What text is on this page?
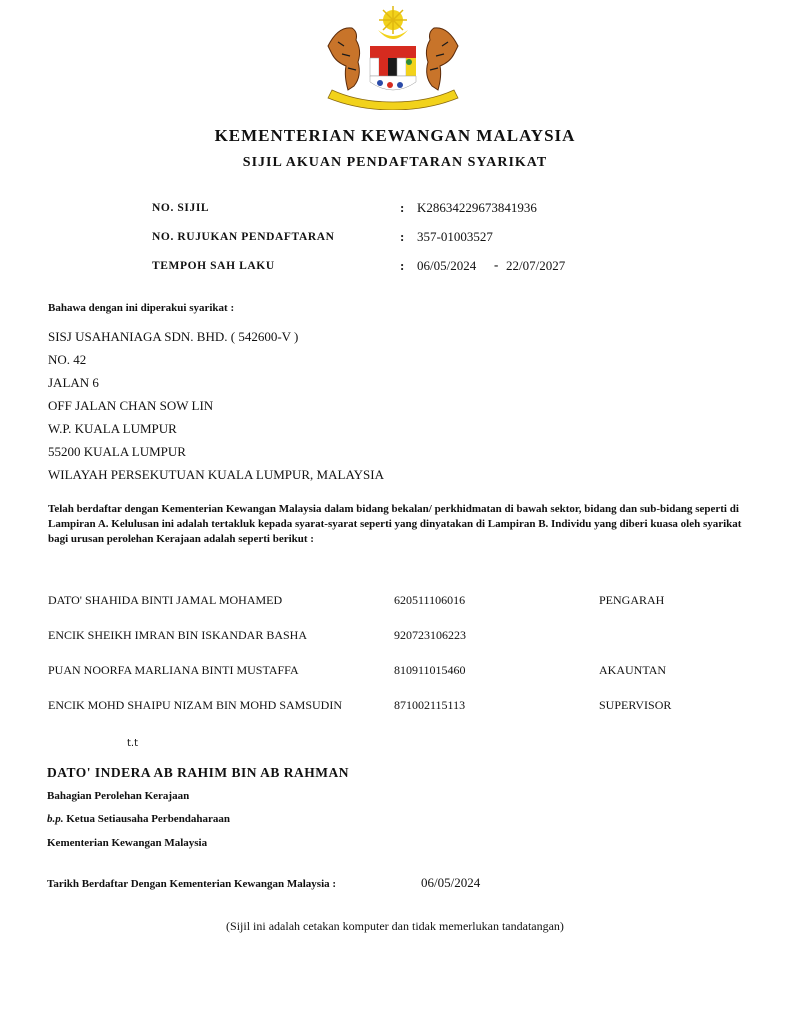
KEMENTERIAN KEWANGAN MALAYSIA
SIJIL AKUAN PENDAFTARAN SYARIKAT
NO. SIJIL	: K28634229673841936
NO. RUJUKAN PENDAFTARAN	: 357-01003527
TEMPOH SAH LAKU	: 06/05/2024 - 22/07/2027
Bahawa dengan ini diperakui syarikat :
SISJ USAHANIAGA SDN. BHD. ( 542600-V )
NO. 42
JALAN 6
OFF JALAN CHAN SOW LIN
W.P. KUALA LUMPUR
55200 KUALA LUMPUR
WILAYAH PERSEKUTUAN KUALA LUMPUR, MALAYSIA
Telah berdaftar dengan Kementerian Kewangan Malaysia dalam bidang bekalan/ perkhidmatan di bawah sektor, bidang dan sub-bidang seperti di Lampiran A. Kelulusan ini adalah tertakluk kepada syarat-syarat seperti yang dinyatakan di Lampiran B. Individu yang diberi kuasa oleh syarikat bagi urusan perolehan Kerajaan adalah seperti berikut :
DATO' SHAHIDA BINTI JAMAL MOHAMED	620511106016	PENGARAH
ENCIK SHEIKH IMRAN BIN ISKANDAR BASHA	920723106223
PUAN NOORFA MARLIANA BINTI MUSTAFFA	810911015460	AKAUNTAN
ENCIK MOHD SHAIPU NIZAM BIN MOHD SAMSUDIN	871002115113	SUPERVISOR
t.t
DATO' INDERA AB RAHIM BIN AB RAHMAN
Bahagian Perolehan Kerajaan
b.p. Ketua Setiausaha Perbendaharaan
Kementerian Kewangan Malaysia
Tarikh Berdaftar Dengan Kementerian Kewangan Malaysia :	06/05/2024
(Sijil ini adalah cetakan komputer dan tidak memerlukan tandatangan)
